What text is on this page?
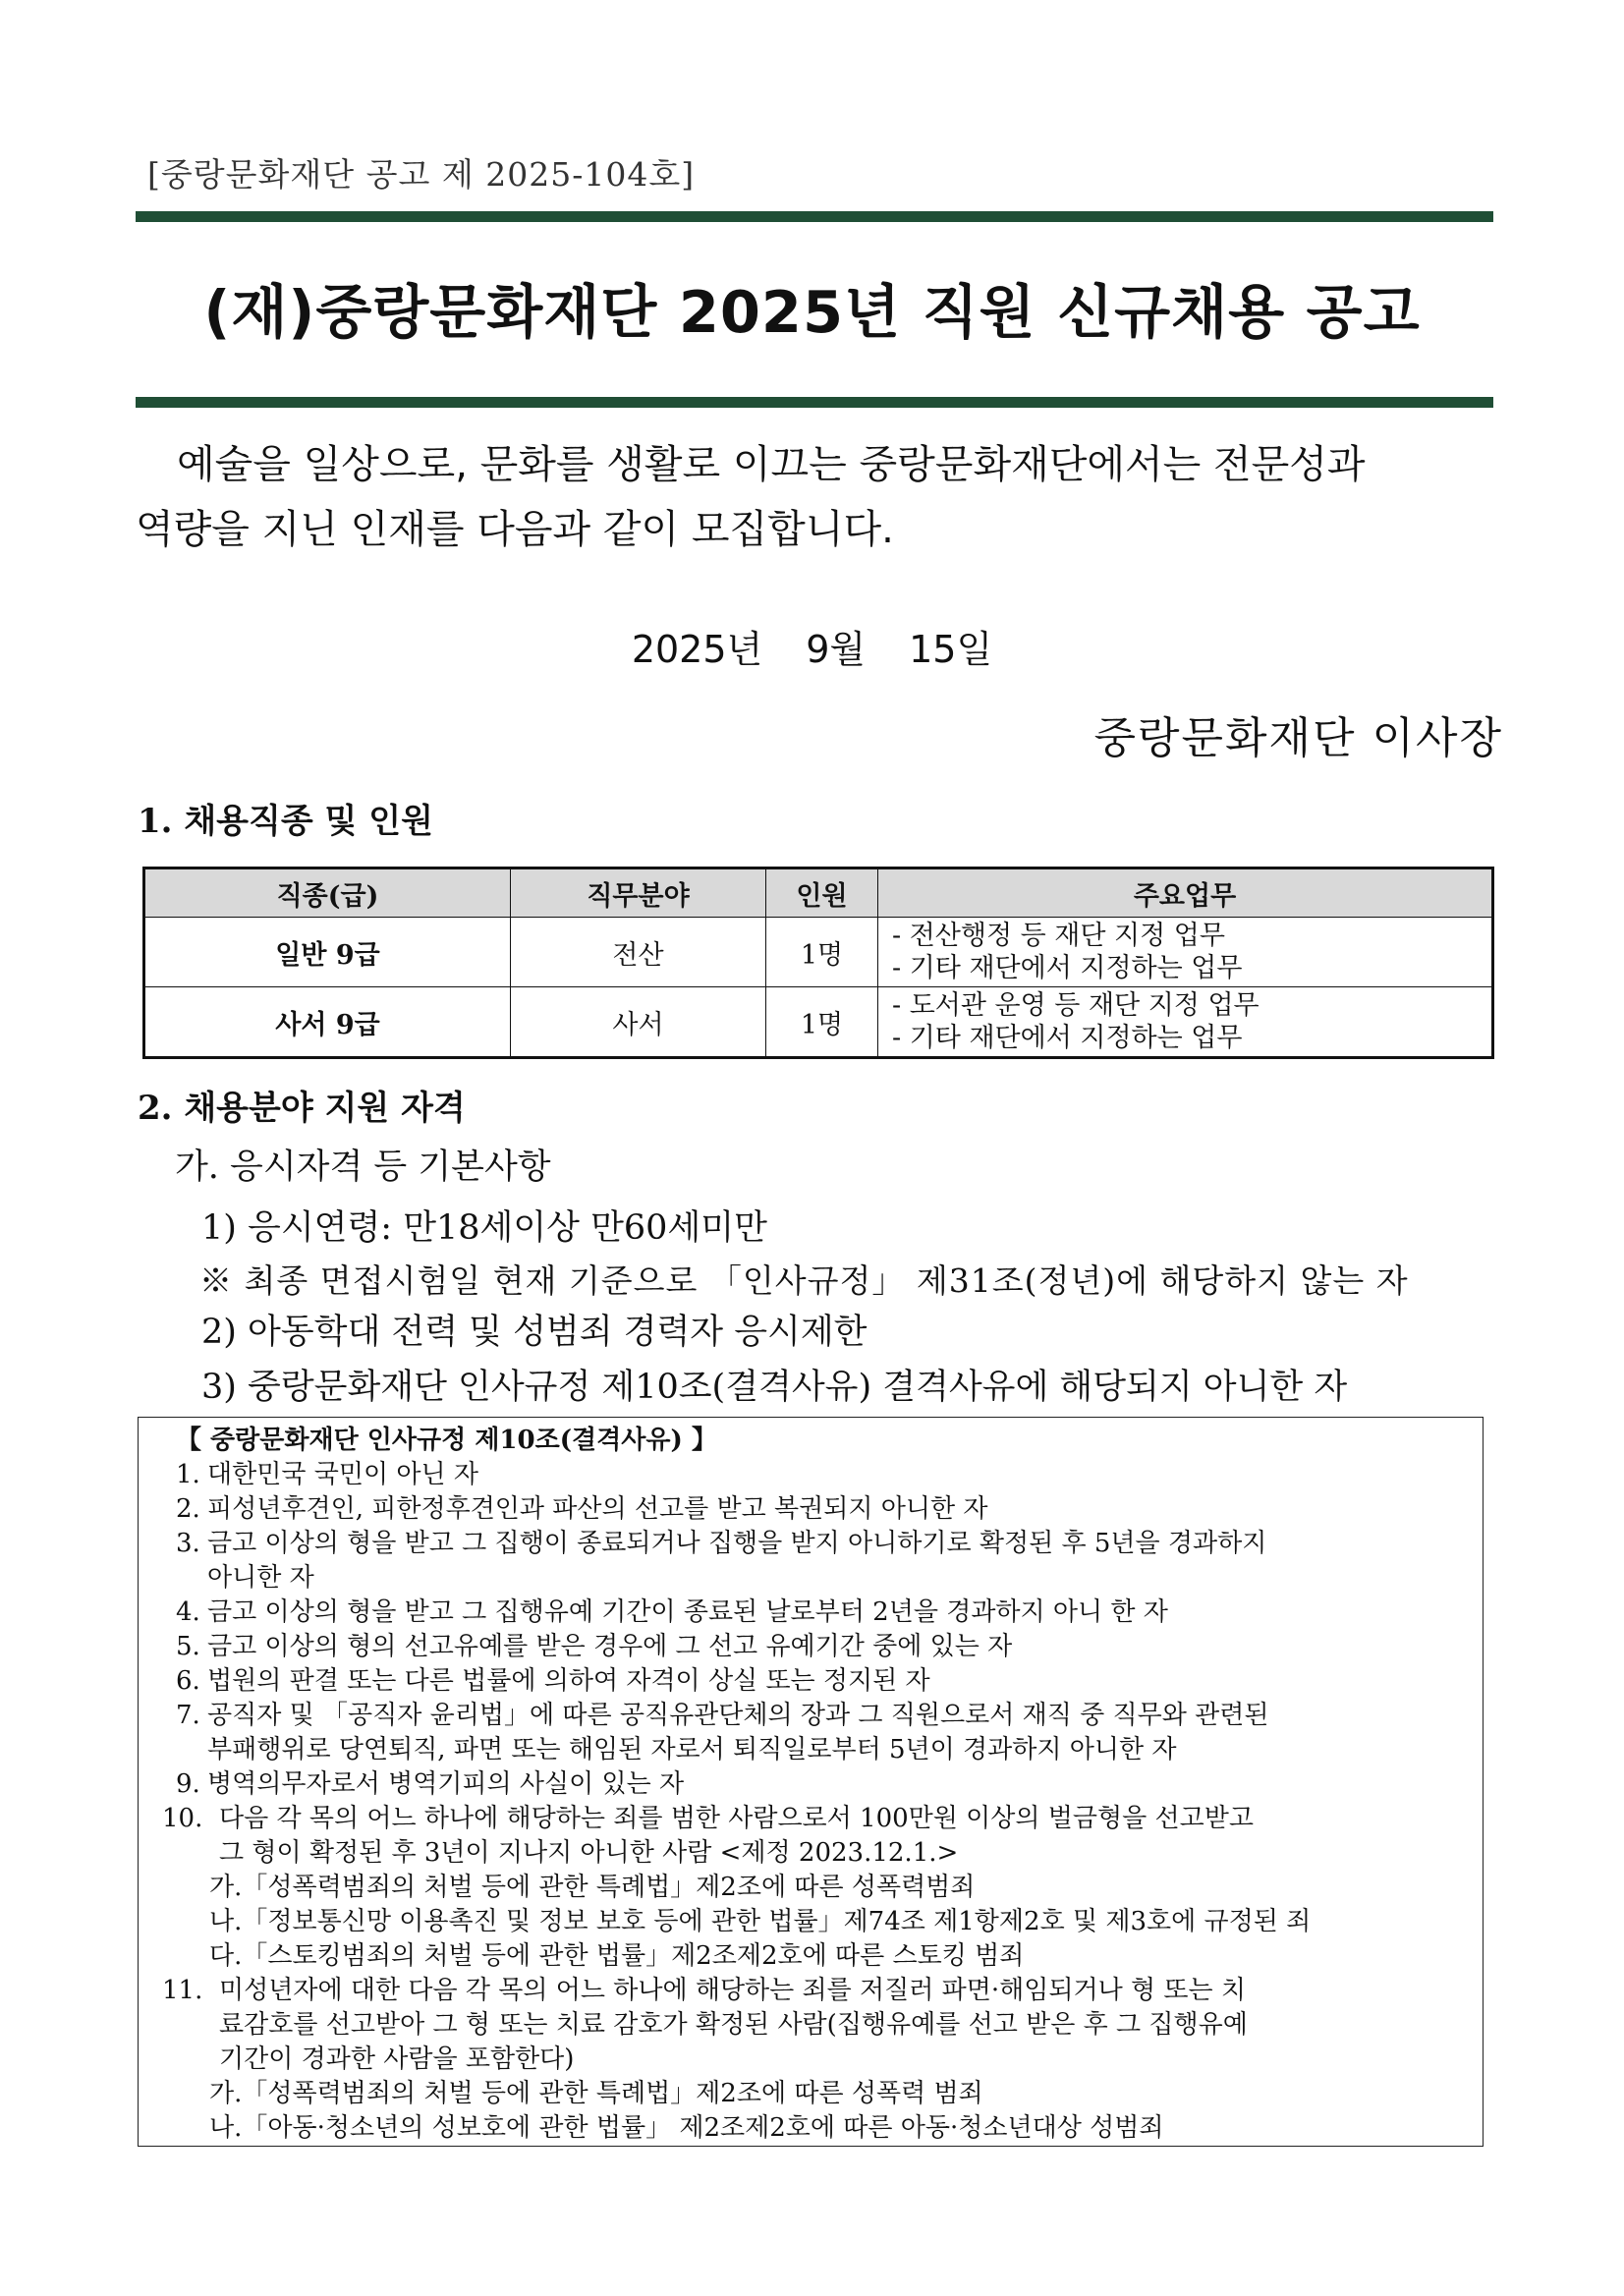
[중랑문화재단 공고 제 2025-104호]
(재)중랑문화재단 2025년 직원 신규채용 공고
예술을 일상으로, 문화를 생활로 이끄는 중랑문화재단에서는 전문성과
역량을 지닌 인재를 다음과 같이 모집합니다.
2025년 9월 15일
중랑문화재단 이사장
1. 채용직종 및 인원
직종(급)	직무분야	인원	주요업무
일반 9급	전산	1명	- 전산행정 등 재단 지정 업무
- 기타 재단에서 지정하는 업무

사서 9급	사서	1명	- 도서관 운영 등 재단 지정 업무
- 기타 재단에서 지정하는 업무
2. 채용분야 지원 자격
가. 응시자격 등 기본사항
1) 응시연령: 만18세이상 만60세미만
※ 최종 면접시험일 현재 기준으로 「인사규정」 제31조(정년)에 해당하지 않는 자
2) 아동학대 전력 및 성범죄 경력자 응시제한
3) 중랑문화재단 인사규정 제10조(결격사유) 결격사유에 해당되지 아니한 자
【 중랑문화재단 인사규정 제10조(결격사유) 】
1. 대한민국 국민이 아닌 자
2. 피성년후견인, 피한정후견인과 파산의 선고를 받고 복권되지 아니한 자
3. 금고 이상의 형을 받고 그 집행이 종료되거나 집행을 받지 아니하기로 확정된 후 5년을 경과하지
아니한 자
4. 금고 이상의 형을 받고 그 집행유예 기간이 종료된 날로부터 2년을 경과하지 아니 한 자
5. 금고 이상의 형의 선고유예를 받은 경우에 그 선고 유예기간 중에 있는 자
6. 법원의 판결 또는 다른 법률에 의하여 자격이 상실 또는 정지된 자
7. 공직자 및 「공직자 윤리법」에 따른 공직유관단체의 장과 그 직원으로서 재직 중 직무와 관련된
부패행위로 당연퇴직, 파면 또는 해임된 자로서 퇴직일로부터 5년이 경과하지 아니한 자
9. 병역의무자로서 병역기피의 사실이 있는 자
10. 다음 각 목의 어느 하나에 해당하는 죄를 범한 사람으로서 100만원 이상의 벌금형을 선고받고
그 형이 확정된 후 3년이 지나지 아니한 사람 <제정 2023.12.1.>
가.「성폭력범죄의 처벌 등에 관한 특례법」제2조에 따른 성폭력범죄
나.「정보통신망 이용촉진 및 정보 보호 등에 관한 법률」제74조 제1항제2호 및 제3호에 규정된 죄
다.「스토킹범죄의 처벌 등에 관한 법률」제2조제2호에 따른 스토킹 범죄
11. 미성년자에 대한 다음 각 목의 어느 하나에 해당하는 죄를 저질러 파면·해임되거나 형 또는 치
료감호를 선고받아 그 형 또는 치료 감호가 확정된 사람(집행유예를 선고 받은 후 그 집행유예
기간이 경과한 사람을 포함한다)
가.「성폭력범죄의 처벌 등에 관한 특례법」제2조에 따른 성폭력 범죄
나.「아동·청소년의 성보호에 관한 법률」 제2조제2호에 따른 아동·청소년대상 성범죄
